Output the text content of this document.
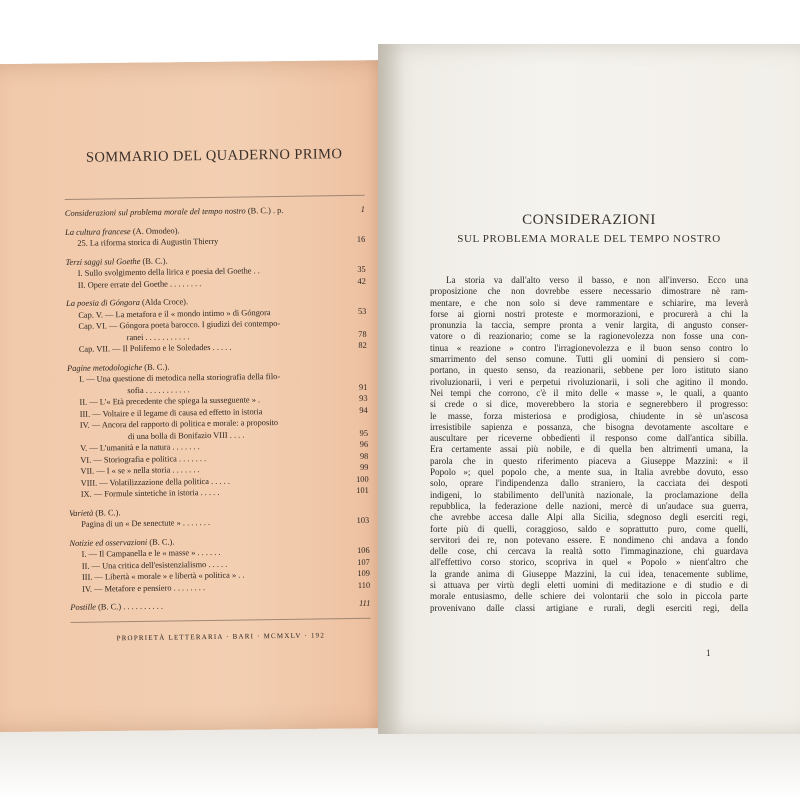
SOMMARIO DEL QUADERNO PRIMO
Considerazioni sul problema morale del tempo nostro (B. C.) . p.	1
La cultura francese (A. Omodeo).
25. La riforma storica di Augustin Thierry	16
Terzi saggi sul Goethe (B. C.).
I. Sullo svolgimento della lirica e poesia del Goethe . .	35
II. Opere errate del Goethe . . . . . . . .	42
La poesia di Góngora (Alda Croce).
Cap. V. — La metafora e il « mondo intimo » di Góngora	53
Cap. VI. — Góngora poeta barocco. I giudizi dei contempo-
ranei . . . . . . . . . . .	78
Cap. VII. — Il Polifemo e le Soledades . . . . .	82
Pagine metodologiche (B. C.).
I. — Una questione di metodica nella storiografia della filo-
sofia . . . . . . . . . . .	91
II. — L'« Età precedente che spiega la susseguente » .	93
III. — Voltaire e il legame di causa ed effetto in istoria	94
IV. — Ancora del rapporto di politica e morale: a proposito
di una bolla di Bonifazio VIII . . . .	95
V. — L'umanità e la natura . . . . . . .	96
VI. — Storiografia e politica . . . . . . .	98
VII. — I « se » nella storia . . . . . . .	99
VIII. — Volatilizzazione della politica . . . . .	100
IX. — Formule sintetiche in istoria . . . . .	101
Varietà (B. C.).
Pagina di un « De senectute » . . . . . . .	103
Notizie ed osservazioni (B. C.).
I. — Il Campanella e le « masse » . . . . . .	106
II. — Una critica dell'esistenzialismo . . . . .	107
III. — Libertà « morale » e libertà « politica » . .	109
IV. — Metafore e pensiero . . . . . . . .	110
Postille (B. C.) . . . . . . . . . .	111
PROPRIETÀ LETTERARIA · BARI · MCMXLV · 192
CONSIDERAZIONI
SUL PROBLEMA MORALE DEL TEMPO NOSTRO
La storia va dall'alto verso il basso, e non all'inverso. Ecco una
proposizione che non dovrebbe essere necessario dimostrare nè ram-
mentare, e che non solo si deve rammentare e schiarire, ma leverà
forse ai giorni nostri proteste e mormorazioni, e procurerà a chi la
pronunzia la taccia, sempre pronta a venir largita, di angusto conser-
vatore o di reazionario; come se la ragionevolezza non fosse una con-
tinua « reazione » contro l'irragionevolezza e il buon senso contro lo
smarrimento del senso comune. Tutti gli uomini di pensiero si com-
portano, in questo senso, da reazionarii, sebbene per loro istituto siano
rivoluzionarii, i veri e perpetui rivoluzionarii, i soli che agitino il mondo.
Nei tempi che corrono, c'è il mito delle « masse », le quali, a quanto
si crede o si dice, moverebbero la storia e segnerebbero il progresso:
le masse, forza misteriosa e prodigiosa, chiudente in sè un'ascosa
irresistibile sapienza e possanza, che bisogna devotamente ascoltare e
auscultare per riceverne obbedienti il responso come dall'antica sibilla.
Era certamente assai più nobile, e di quella ben altrimenti umana, la
parola che in questo riferimento piaceva a Giuseppe Mazzini: « il
Popolo »; quel popolo che, a mente sua, in Italia avrebbe dovuto, esso
solo, oprare l'indipendenza dallo straniero, la cacciata dei despoti
indigeni, lo stabilimento dell'unità nazionale, la proclamazione della
repubblica, la federazione delle nazioni, mercè di un'audace sua guerra,
che avrebbe accesa dalle Alpi alla Sicilia, sdegnoso degli eserciti regi,
forte più di quelli, coraggioso, saldo e soprattutto puro, come quelli,
servitori dei re, non potevano essere. E nondimeno chi andava a fondo
delle cose, chi cercava la realtà sotto l'immaginazione, chi guardava
all'effettivo corso storico, scopriva in quel « Popolo » nient'altro che
la grande anima di Giuseppe Mazzini, la cui idea, tenacemente sublime,
si attuava per virtù degli eletti uomini di meditazione e di studio e di
morale entusiasmo, delle schiere dei volontarii che solo in piccola parte
provenivano dalle classi artigiane e rurali, degli eserciti regi, della
1
